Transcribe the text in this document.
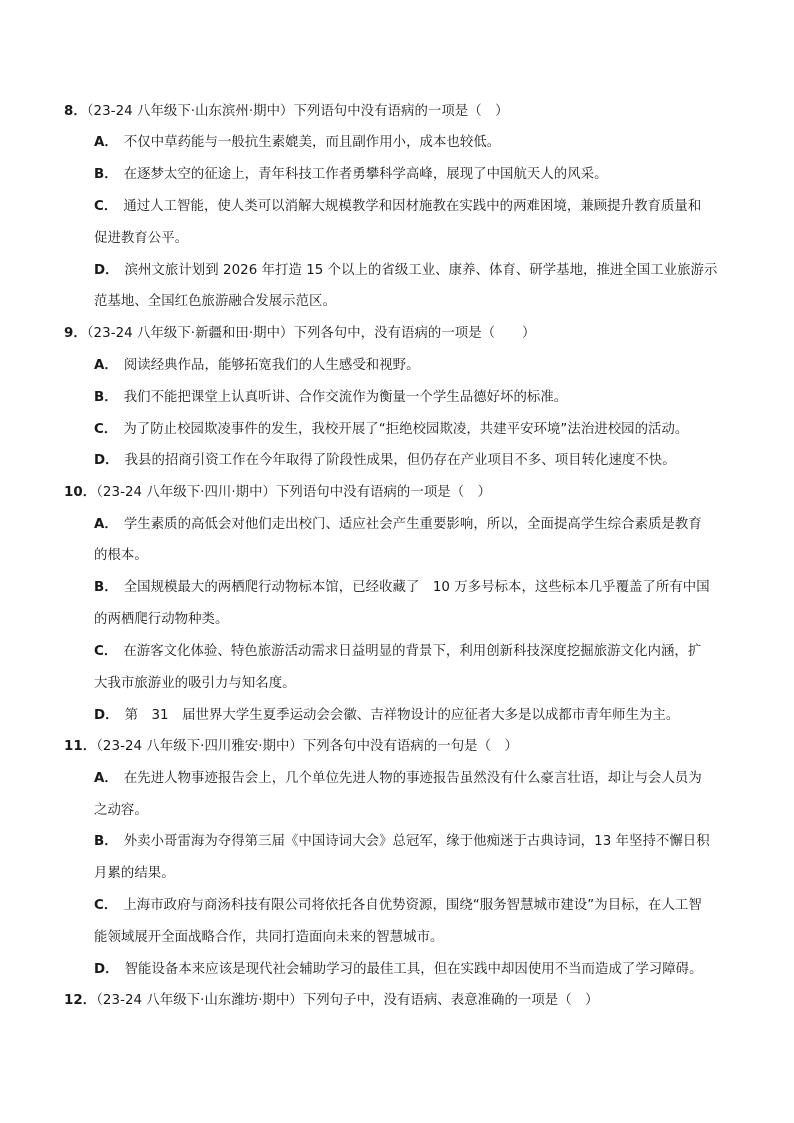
8．（23-24 八年级下·山东滨州·期中）下列语句中没有语病的一项是（　）
A． 不仅中草药能与一般抗生素媲美，而且副作用小，成本也较低。
B． 在逐梦太空的征途上，青年科技工作者勇攀科学高峰，展现了中国航天人的风采。
C． 通过人工智能，使人类可以消解大规模教学和因材施教在实践中的两难困境，兼顾提升教育质量和
促进教育公平。
D． 滨州文旅计划到 2026 年打造 15 个以上的省级工业、康养、体育、研学基地，推进全国工业旅游示
范基地、全国红色旅游融合发展示范区。
9．（23-24 八年级下·新疆和田·期中）下列各句中，没有语病的一项是（　　）
A． 阅读经典作品，能够拓宽我们的人生感受和视野。
B． 我们不能把课堂上认真听讲、合作交流作为衡量一个学生品德好坏的标准。
C． 为了防止校园欺凌事件的发生，我校开展了“拒绝校园欺凌，共建平安环境”法治进校园的活动。
D． 我县的招商引资工作在今年取得了阶段性成果，但仍存在产业项目不多、项目转化速度不快。
10．（23-24 八年级下·四川·期中）下列语句中没有语病的一项是（　）
A． 学生素质的高低会对他们走出校门、适应社会产生重要影响，所以，全面提高学生综合素质是教育
的根本。
B． 全国规模最大的两栖爬行动物标本馆，已经收藏了　10 万多号标本，这些标本几乎覆盖了所有中国
的两栖爬行动物种类。
C． 在游客文化体验、特色旅游活动需求日益明显的背景下，利用创新科技深度挖掘旅游文化内涵，扩
大我市旅游业的吸引力与知名度。
D． 第　31　届世界大学生夏季运动会会徽、吉祥物设计的应征者大多是以成都市青年师生为主。
11．（23-24 八年级下·四川雅安·期中）下列各句中没有语病的一句是（　）
A． 在先进人物事迹报告会上，几个单位先进人物的事迹报告虽然没有什么豪言壮语，却让与会人员为
之动容。
B． 外卖小哥雷海为夺得第三届《中国诗词大会》总冠军，缘于他痴迷于古典诗词，13 年坚持不懈日积
月累的结果。
C． 上海市政府与商汤科技有限公司将依托各自优势资源，围绕“服务智慧城市建设”为目标，在人工智
能领域展开全面战略合作，共同打造面向未来的智慧城市。
D． 智能设备本来应该是现代社会辅助学习的最佳工具，但在实践中却因使用不当而造成了学习障碍。
12．（23-24 八年级下·山东潍坊·期中）下列句子中，没有语病、表意准确的一项是（　）
